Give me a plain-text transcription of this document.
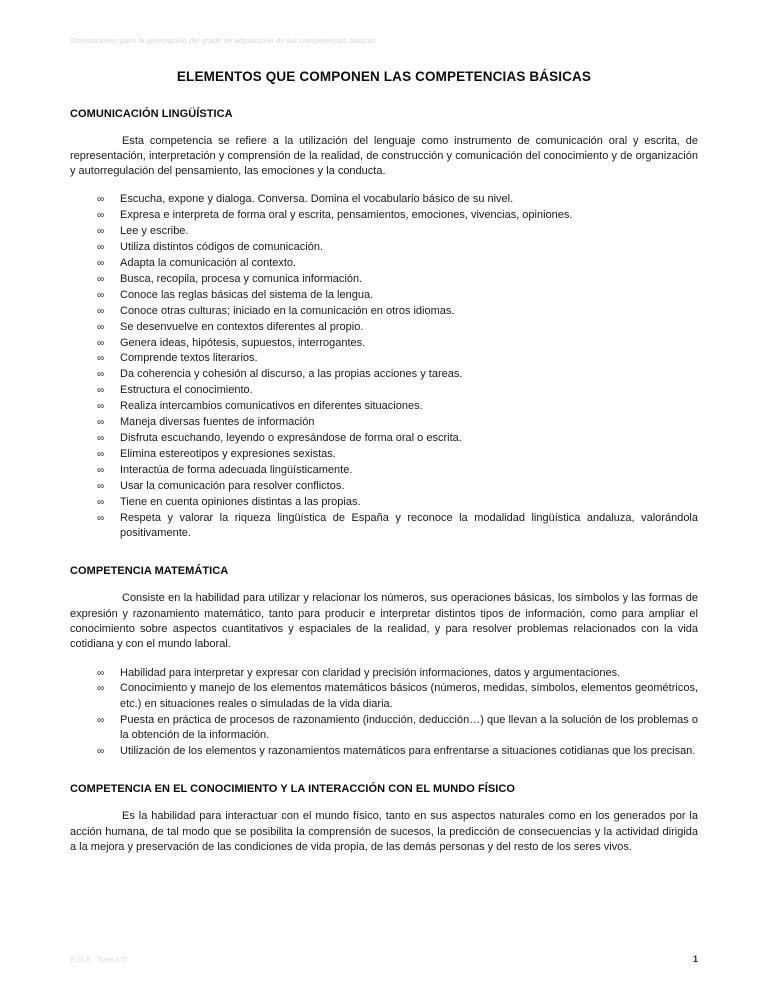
Orientaciones para la apreciación del grado de adquisición de las competencias básicas
ELEMENTOS QUE COMPONEN LAS COMPETENCIAS BÁSICAS
COMUNICACIÓN LINGÜÍSTICA

Esta competencia se refiere a la utilización del lenguaje como instrumento de comunicación oral y escrita, de representación, interpretación y comprensión de la realidad, de construcción y comunicación del conocimiento y de organización y autorregulación del pensamiento, las emociones y la conducta.

∞ Escucha, expone y dialoga. Conversa. Domina el vocabulario básico de su nivel.
∞ Expresa e interpreta de forma oral y escrita, pensamientos, emociones, vivencias, opiniones.
∞ Lee y escribe.
∞ Utiliza distintos códigos de comunicación.
∞ Adapta la comunicación al contexto.
∞ Busca, recopila, procesa y comunica información.
∞ Conoce las reglas básicas del sistema de la lengua.
∞ Conoce otras culturas; iniciado en la comunicación en otros idiomas.
∞ Se desenvuelve en contextos diferentes al propio.
∞ Genera ideas, hipótesis, supuestos, interrogantes.
∞ Comprende textos literarios.
∞ Da coherencia y cohesión al discurso, a las propias acciones y tareas.
∞ Estructura el conocimiento.
∞ Realiza intercambios comunicativos en diferentes situaciones.
∞ Maneja diversas fuentes de información
∞ Disfruta escuchando, leyendo o expresándose de forma oral o escrita.
∞ Elimina estereotipos y expresiones sexistas.
∞ Interactúa de forma adecuada lingüísticamente.
∞ Usar la comunicación para resolver conflictos.
∞ Tiene en cuenta opiniones distintas a las propias.
∞ Respeta y valorar la riqueza lingüística de España y reconoce la modalidad lingüística andaluza, valorándola positivamente.
COMPETENCIA MATEMÁTICA

Consiste en la habilidad para utilizar y relacionar los números, sus operaciones básicas, los símbolos y las formas de expresión y razonamiento matemático, tanto para producir e interpretar distintos tipos de información, como para ampliar el conocimiento sobre aspectos cuantitativos y espaciales de la realidad, y para resolver problemas relacionados con la vida cotidiana y con el mundo laboral.

∞ Habilidad para interpretar y expresar con claridad y precisión informaciones, datos y argumentaciones.
∞ Conocimiento y manejo de los elementos matemáticos básicos (números, medidas, símbolos, elementos geométricos, etc.) en situaciones reales o simuladas de la vida diaria.
∞ Puesta en práctica de procesos de razonamiento (inducción, deducción…) que llevan a la solución de los problemas o la obtención de la información.
∞ Utilización de los elementos y razonamientos matemáticos para enfrentarse a situaciones cotidianas que los precisan.
COMPETENCIA EN EL CONOCIMIENTO Y LA INTERACCIÓN CON EL MUNDO FÍSICO

Es la habilidad para interactuar con el mundo físico, tanto en sus aspectos naturales como en los generados por la acción humana, de tal modo que se posibilita la comprensión de sucesos, la predicción de consecuencias y la actividad dirigida a la mejora y preservación de las condiciones de vida propia, de las demás personas y del resto de los seres vivos.

E.O.E. "Sierra II"	1
